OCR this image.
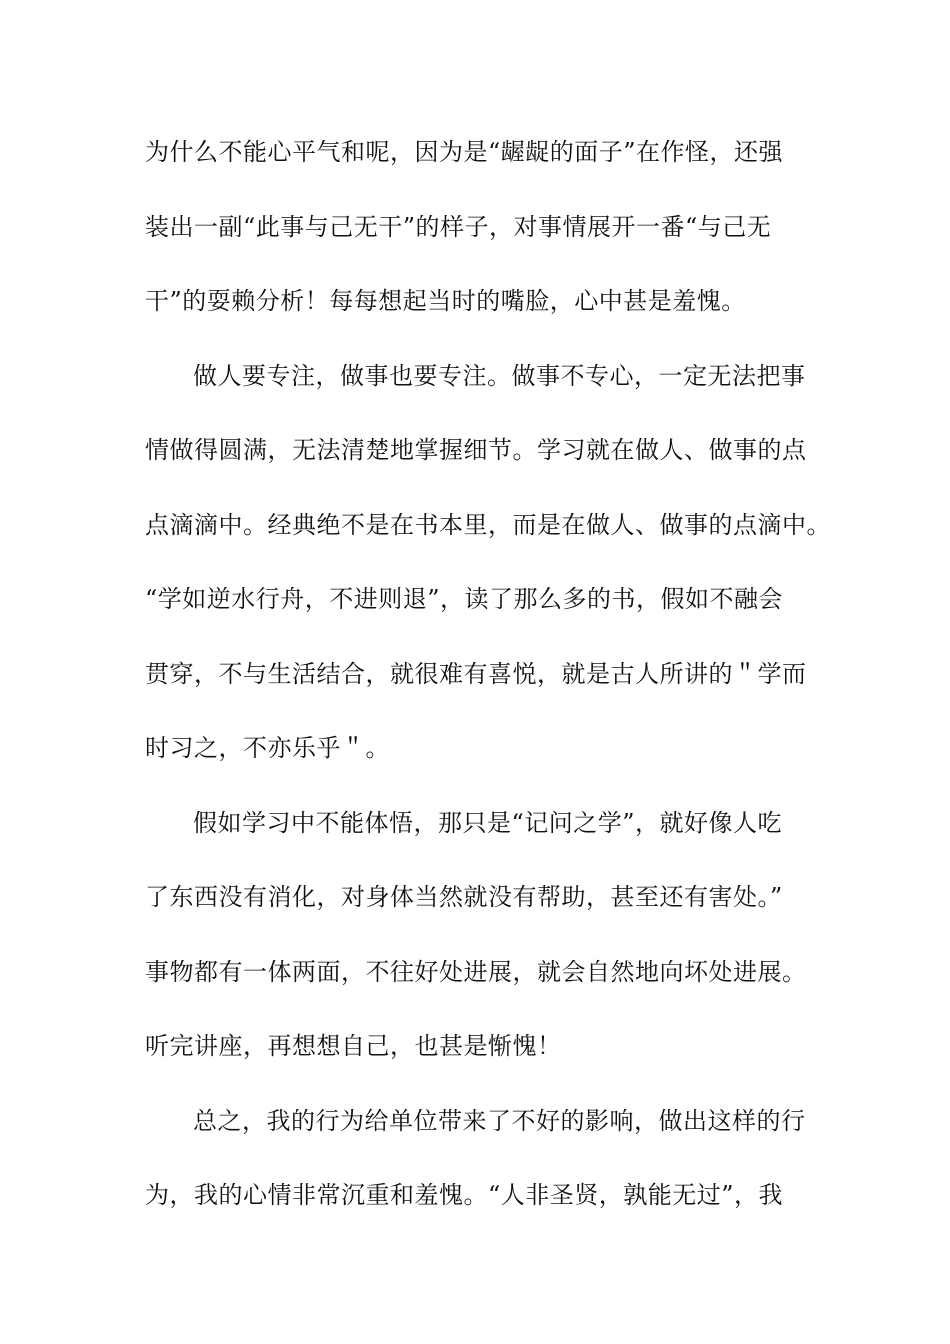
为什么不能心平气和呢，因为是“龌龊的面子”在作怪，还强
装出一副“此事与己无干”的样子，对事情展开一番“与己无
干”的耍赖分析！每每想起当时的嘴脸，心中甚是羞愧。
做人要专注，做事也要专注。做事不专心，一定无法把事
情做得圆满，无法清楚地掌握细节。学习就在做人、做事的点
点滴滴中。经典绝不是在书本里，而是在做人、做事的点滴中。
“学如逆水行舟，不进则退”，读了那么多的书，假如不融会
贯穿，不与生活结合，就很难有喜悦，就是古人所讲的＂学而
时习之，不亦乐乎＂。
假如学习中不能体悟，那只是“记问之学”，就好像人吃
了东西没有消化，对身体当然就没有帮助，甚至还有害处。”
事物都有一体两面，不往好处进展，就会自然地向坏处进展。
听完讲座，再想想自己，也甚是惭愧！
总之，我的行为给单位带来了不好的影响，做出这样的行
为，我的心情非常沉重和羞愧。“人非圣贤，孰能无过”，我
